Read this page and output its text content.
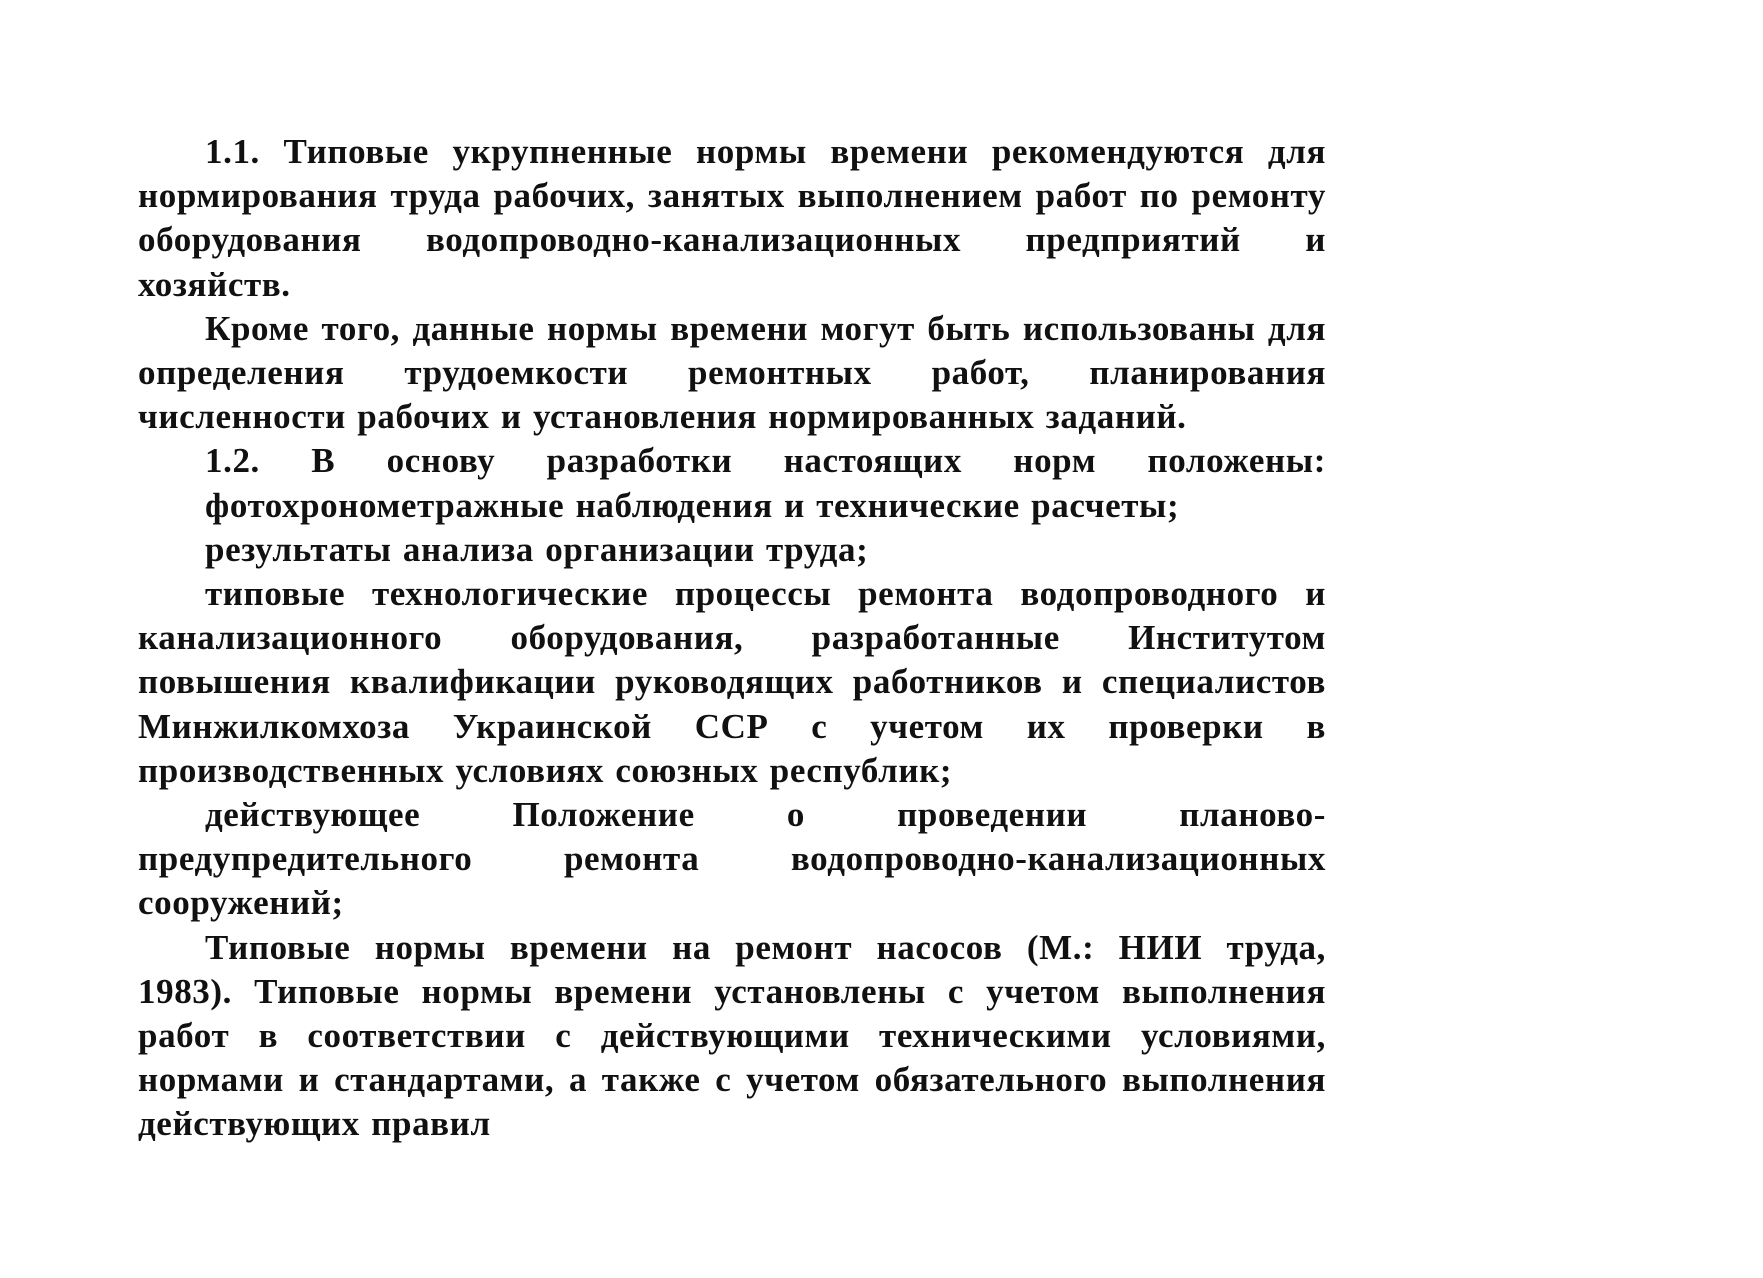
1.1. Типовые укрупненные нормы времени рекомендуются для нормирования труда рабочих, занятых выполнением работ по ремонту оборудования водопроводно-канализационных предприятий и хозяйств.

Кроме того, данные нормы времени могут быть использованы для определения трудоемкости ремонтных работ, планирования численности рабочих и установления нормированных заданий.

1.2. В основу разработки настоящих норм положены:

фотохронометражные наблюдения и технические расчеты;

результаты анализа организации труда;

типовые технологические процессы ремонта водопроводного и канализационного оборудования, разработанные Институтом повышения квалификации руководящих работников и специалистов Минжилкомхоза Украинской ССР с учетом их проверки в производственных условиях союзных республик;

действующее Положение о проведении планово-предупредительного ремонта водопроводно-канализационных сооружений;

Типовые нормы времени на ремонт насосов (М.: НИИ труда, 1983). Типовые нормы времени установлены с учетом выполнения работ в соответствии с действующими техническими условиями, нормами и стандартами, а также с учетом обязательного выполнения действующих правил
